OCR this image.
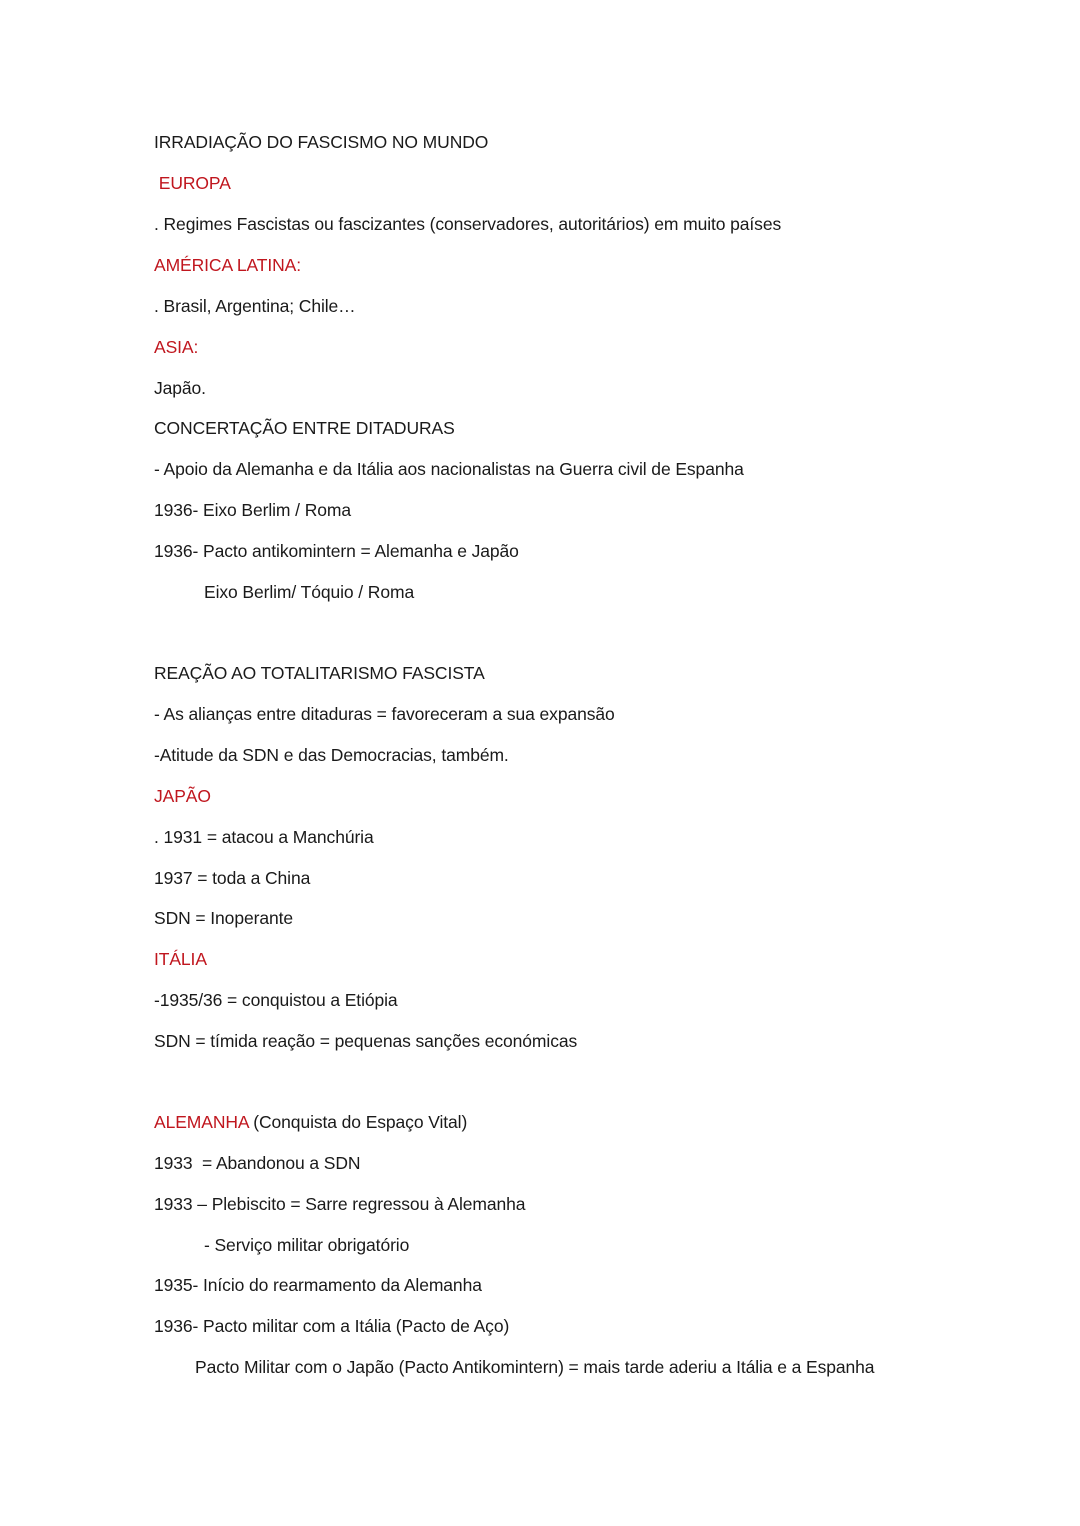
IRRADIAÇÃO DO FASCISMO NO MUNDO
EUROPA
. Regimes Fascistas ou fascizantes (conservadores, autoritários) em muito países
AMÉRICA LATINA:
. Brasil, Argentina; Chile…
ASIA:
Japão.
CONCERTAÇÃO ENTRE DITADURAS
- Apoio da Alemanha e da Itália aos nacionalistas na Guerra civil de Espanha
1936- Eixo Berlim / Roma
1936- Pacto antikomintern = Alemanha e Japão
Eixo Berlim/ Tóquio / Roma
REAÇÃO AO TOTALITARISMO FASCISTA
- As alianças entre ditaduras = favoreceram a sua expansão
-Atitude da SDN e das Democracias, também.
JAPÃO
. 1931 = atacou a Manchúria
1937 = toda a China
SDN = Inoperante
ITÁLIA
-1935/36 = conquistou a Etiópia
SDN = tímida reação = pequenas sanções económicas
ALEMANHA (Conquista do Espaço Vital)
1933  = Abandonou a SDN
1933 – Plebiscito = Sarre regressou à Alemanha
- Serviço militar obrigatório
1935- Início do rearmamento da Alemanha
1936- Pacto militar com a Itália (Pacto de Aço)
Pacto Militar com o Japão (Pacto Antikomintern) = mais tarde aderiu a Itália e a Espanha
